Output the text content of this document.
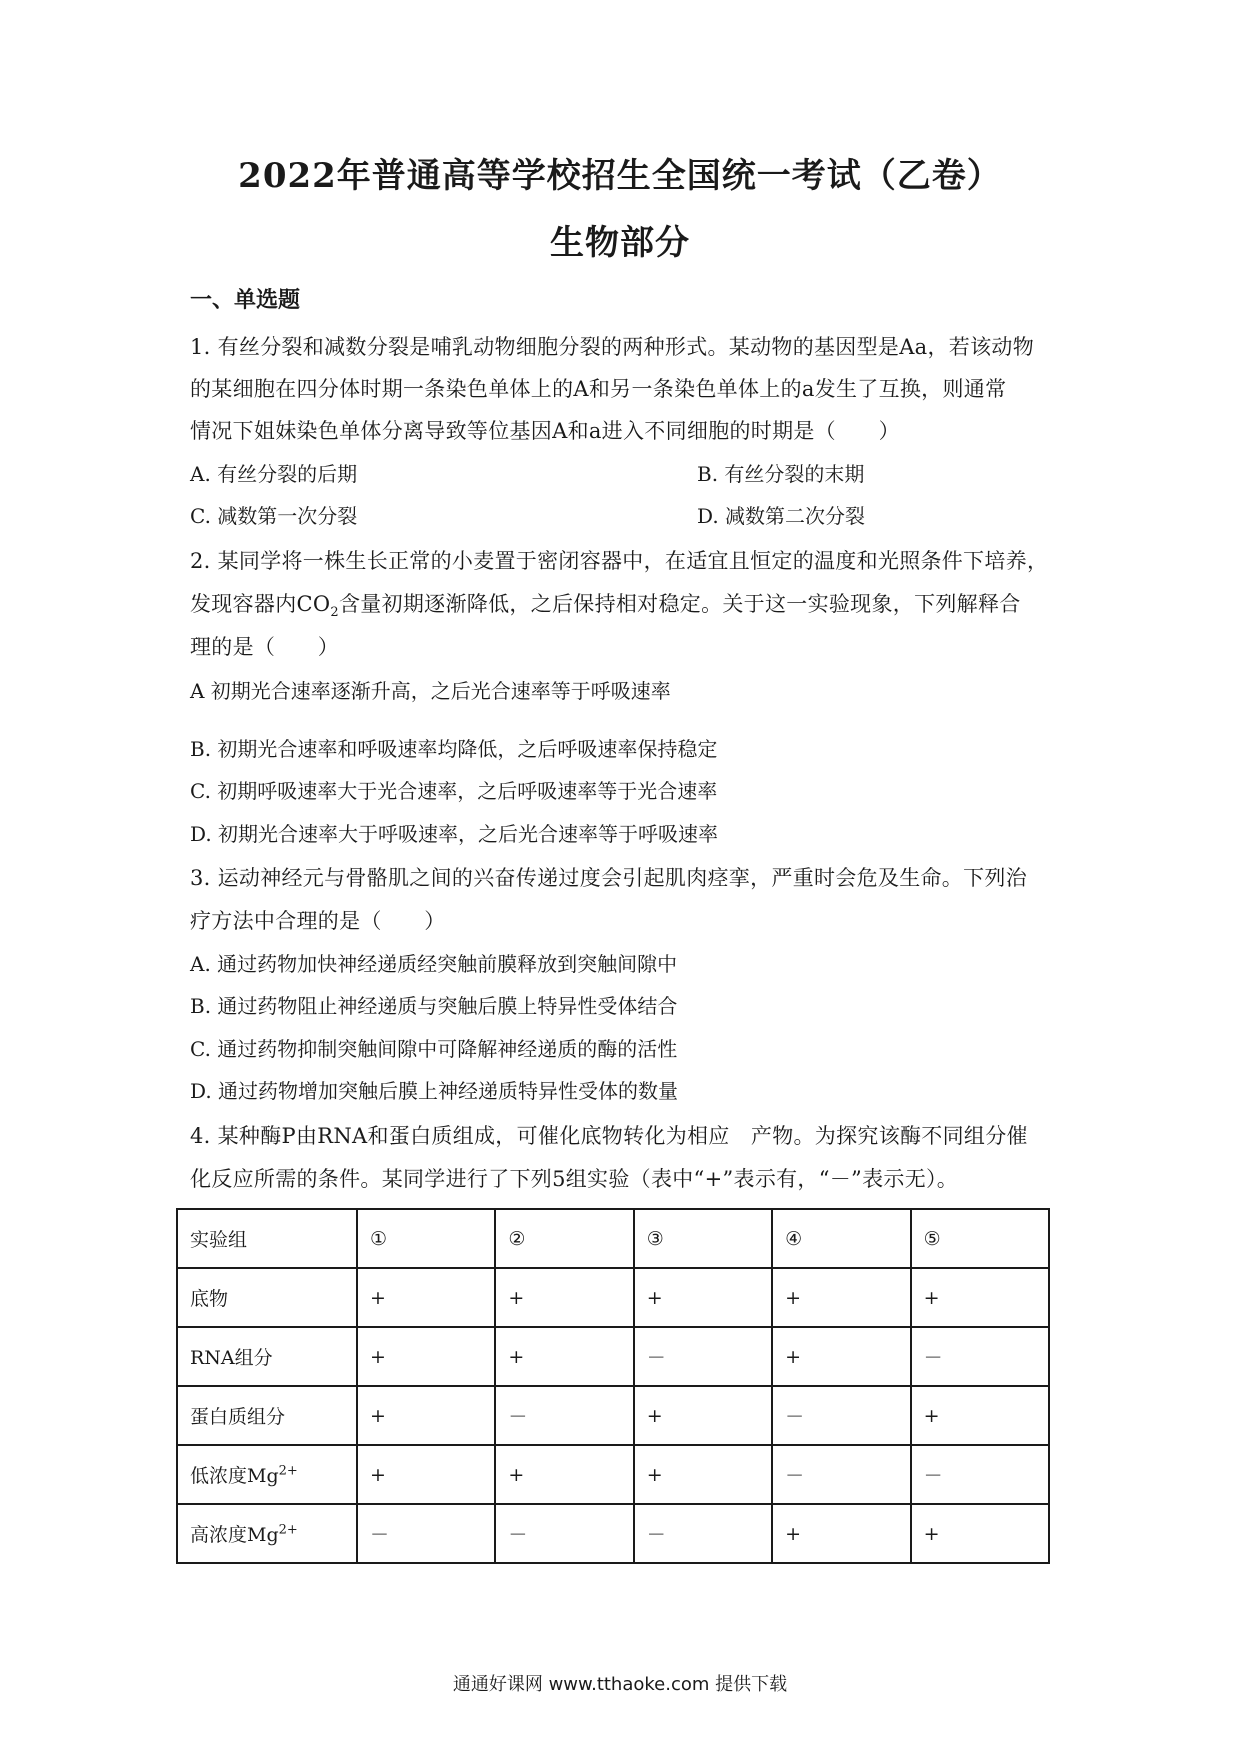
2022年普通高等学校招生全国统一考试（乙卷）
生物部分
一、单选题
1. 有丝分裂和减数分裂是哺乳动物细胞分裂的两种形式。某动物的基因型是Aa，若该动物
的某细胞在四分体时期一条染色单体上的A和另一条染色单体上的a发生了互换，则通常
情况下姐妹染色单体分离导致等位基因A和a进入不同细胞的时期是（　　）
A. 有丝分裂的后期	B. 有丝分裂的末期
C. 减数第一次分裂	D. 减数第二次分裂
2. 某同学将一株生长正常的小麦置于密闭容器中，在适宜且恒定的温度和光照条件下培养，
发现容器内$CO_2$含量初期逐渐降低，之后保持相对稳定。关于这一实验现象，下列解释合
理的是（　　）
A 初期光合速率逐渐升高，之后光合速率等于呼吸速率
B. 初期光合速率和呼吸速率均降低，之后呼吸速率保持稳定
C. 初期呼吸速率大于光合速率，之后呼吸速率等于光合速率
D. 初期光合速率大于呼吸速率，之后光合速率等于呼吸速率
3. 运动神经元与骨骼肌之间的兴奋传递过度会引起肌肉痉挛，严重时会危及生命。下列治
疗方法中合理的是（　　）
A. 通过药物加快神经递质经突触前膜释放到突触间隙中
B. 通过药物阻止神经递质与突触后膜上特异性受体结合
C. 通过药物抑制突触间隙中可降解神经递质的酶的活性
D. 通过药物增加突触后膜上神经递质特异性受体的数量
4. 某种酶P由RNA和蛋白质组成，可催化底物转化为相应　产物。为探究该酶不同组分催
化反应所需的条件。某同学进行了下列5组实验（表中“+”表示有，“－”表示无）。
实验组	①	②	③	④	⑤
底物	+	+	+	+	+
RNA组分	+	+	－	+	－
蛋白质组分	+	－	+	－	+
低浓度$Mg^{2+}$	+	+	+	－	－
高浓度$Mg^{2+}$	－	－	－	+	+
通通好课网 www.tthaoke.com 提供下载
